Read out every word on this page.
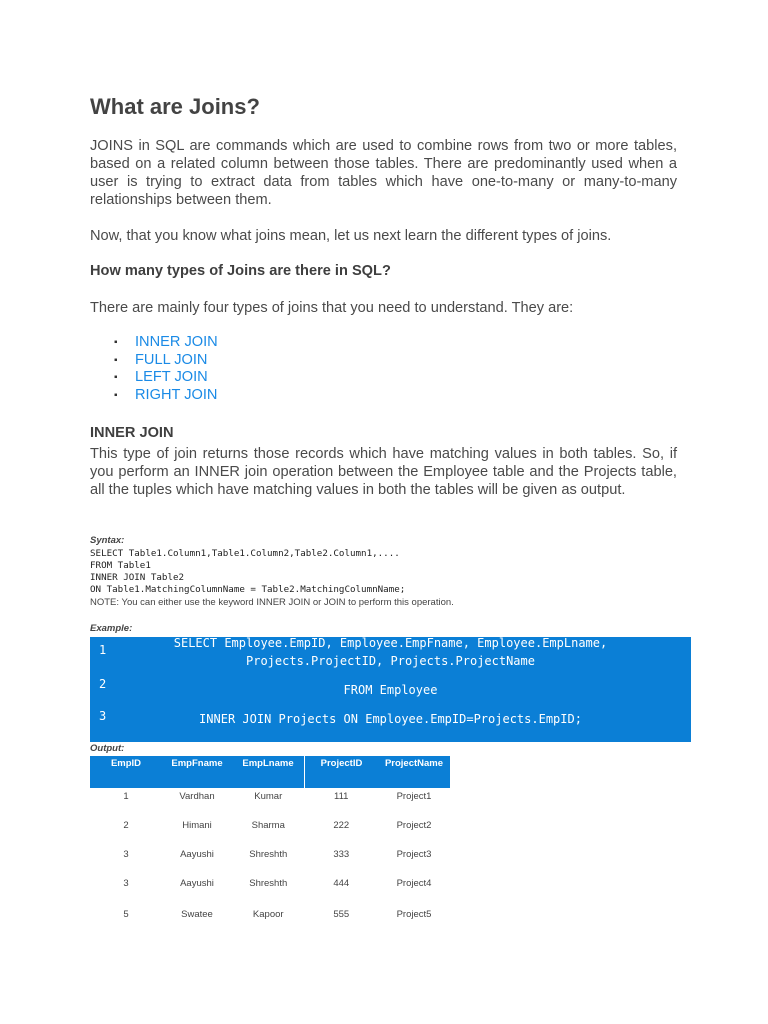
What are Joins?

JOINS in SQL are commands which are used to combine rows from two or more tables, based on a related column between those tables. There are predominantly used when a user is trying to extract data from tables which have one-to-many or many-to-many relationships between them.

Now, that you know what joins mean, let us next learn the different types of joins.

How many types of Joins are there in SQL?

There are mainly four types of joins that you need to understand. They are:

▪ INNER JOIN
▪ FULL JOIN
▪ LEFT JOIN
▪ RIGHT JOIN

INNER JOIN

This type of join returns those records which have matching values in both tables. So, if you perform an INNER join operation between the Employee table and the Projects table, all the tuples which have matching values in both the tables will be given as output.

Syntax:

SELECT Table1.Column1,Table1.Column2,Table2.Column1,....

FROM Table1

INNER JOIN Table2

ON Table1.MatchingColumnName = Table2.MatchingColumnName;

NOTE: You can either use the keyword INNER JOIN or JOIN to perform this operation.

Example:

Output:

1
2
3
SELECT Employee.EmpID, Employee.EmpFname, Employee.EmpLname,
Projects.ProjectID, Projects.ProjectName
FROM Employee
INNER JOIN Projects ON Employee.EmpID=Projects.EmpID;
EmpID	EmpFname	EmpLname	ProjectID	ProjectName
1	Vardhan	Kumar	111	Project1
2	Himani	Sharma	222	Project2
3	Aayushi	Shreshth	333	Project3
3	Aayushi	Shreshth	444	Project4
5	Swatee	Kapoor	555	Project5
